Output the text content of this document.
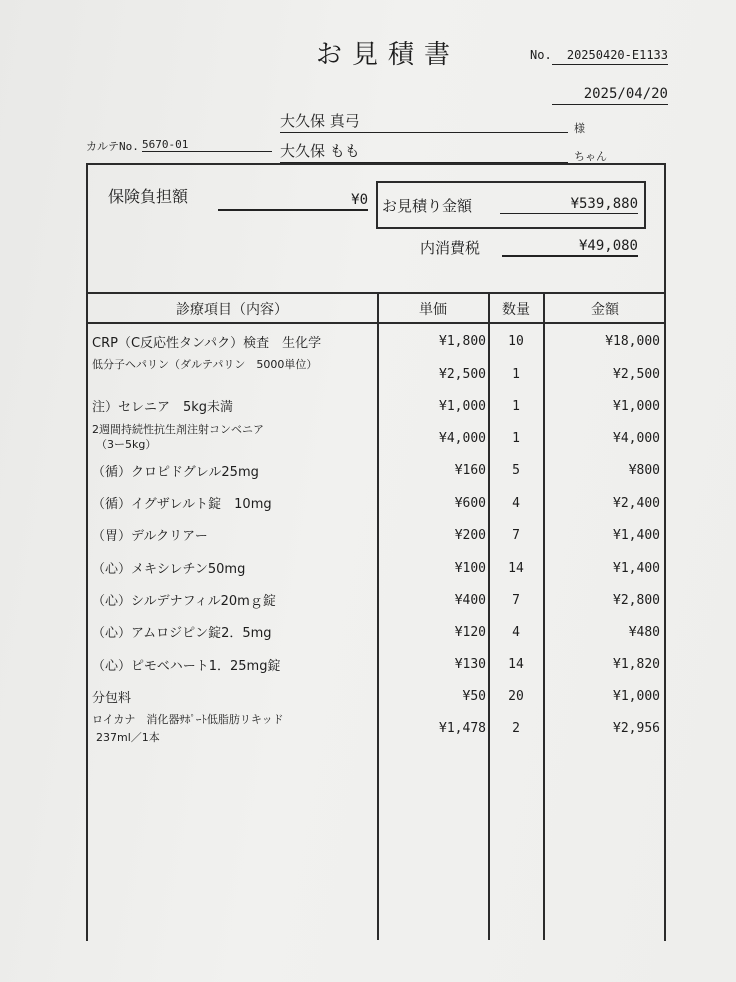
お見積書	No.	20250420-E1133
2025/04/20
大久保 真弓	様
カルテNo. 5670-01	大久保 もも	ちゃん
保険負担額	¥0 お見積り金額	¥539,880
内消費税	¥49,080
診療項目（内容）	単価	数量	金額
CRP（C反応性タンパク）検査　生化学	¥1,800	10	¥18,000
低分子ヘパリン（ダルテパリン　5000単位）
¥2,500	1	¥2,500
注）セレニア　5kg未満	¥1,000	1	¥1,000
2週間持続性抗生剤注射コンベニア
（3ー5kg）	¥4,000	1	¥4,000
（循）クロピドグレル25mg	¥160	5	¥800
（循）イグザレルト錠　10mg	¥600	4	¥2,400
（胃）デルクリアー	¥200	7	¥1,400
（心）メキシレチン50mg	¥100	14	¥1,400
（心）シルデナフィル20mｇ錠	¥400	7	¥2,800
（心）アムロジピン錠2．5mg	¥120	4	¥480
（心）ピモベハート1．25mg錠	¥130	14	¥1,820
分包料	¥50	20	¥1,000
ロイカナ　消化器ｻﾎﾟｰﾄ低脂肪リキッド
237ml／1本
¥1,478	2	¥2,956
